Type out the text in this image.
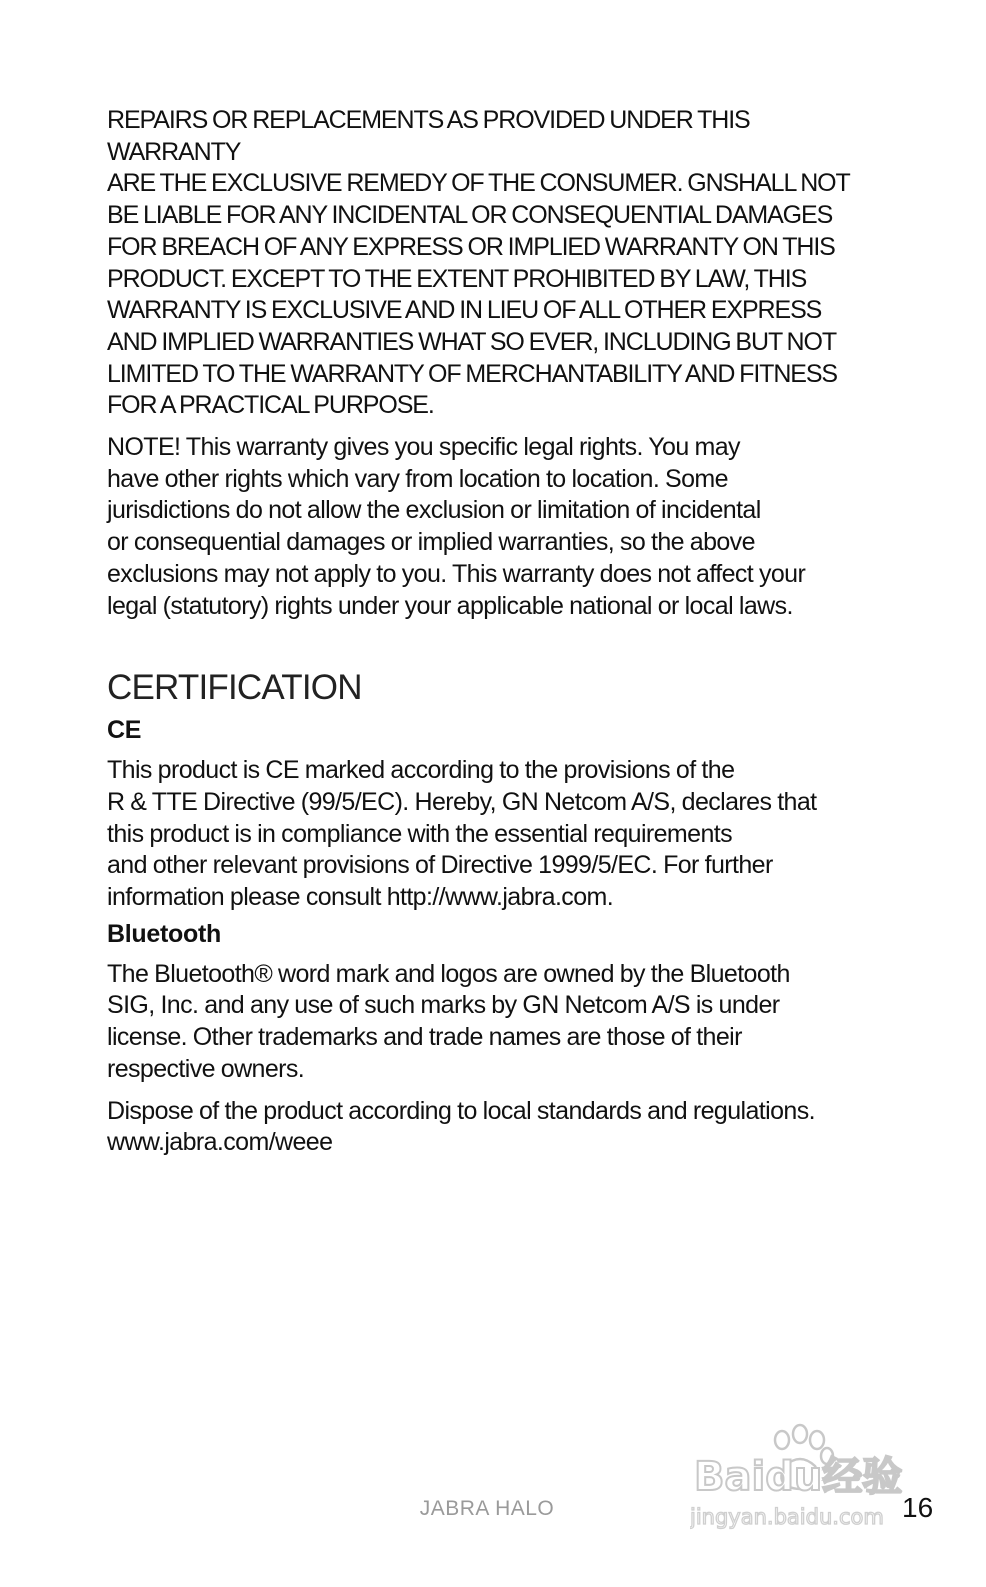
REPAIRS OR REPLACEMENTS AS PROVIDED UNDER THIS WARRANTY
ARE THE EXCLUSIVE REMEDY OF THE CONSUMER. GNSHALL NOT
BE LIABLE FOR ANY INCIDENTAL OR CONSEQUENTIAL DAMAGES
FOR BREACH OF ANY EXPRESS OR IMPLIED WARRANTY ON THIS
PRODUCT. EXCEPT TO THE EXTENT PROHIBITED BY LAW, THIS
WARRANTY IS EXCLUSIVE AND IN LIEU OF ALL OTHER EXPRESS
AND IMPLIED WARRANTIES WHAT SO EVER, INCLUDING BUT NOT
LIMITED TO THE WARRANTY OF MERCHANTABILITY AND FITNESS
FOR A PRACTICAL PURPOSE.

NOTE! This warranty gives you specific legal rights. You may
have other rights which vary from location to location. Some
jurisdictions do not allow the exclusion or limitation of incidental
or consequential damages or implied warranties, so the above
exclusions may not apply to you. This warranty does not affect your
legal (statutory) rights under your applicable national or local laws.

CERTIFICATION
CE

This product is CE marked according to the provisions of the
R & TTE Directive (99/5/EC). Hereby, GN Netcom A/S, declares that
this product is in compliance with the essential requirements
and other relevant provisions of Directive 1999/5/EC. For further
information please consult http://www.jabra.com.

Bluetooth

The Bluetooth® word mark and logos are owned by the Bluetooth
SIG, Inc. and any use of such marks by GN Netcom A/S is under
license. Other trademarks and trade names are those of their
respective owners.

Dispose of the product according to local standards and regulations.
www.jabra.com/weee

Baidu经验
jingyan.baidu.com
JABRA HALO	16
